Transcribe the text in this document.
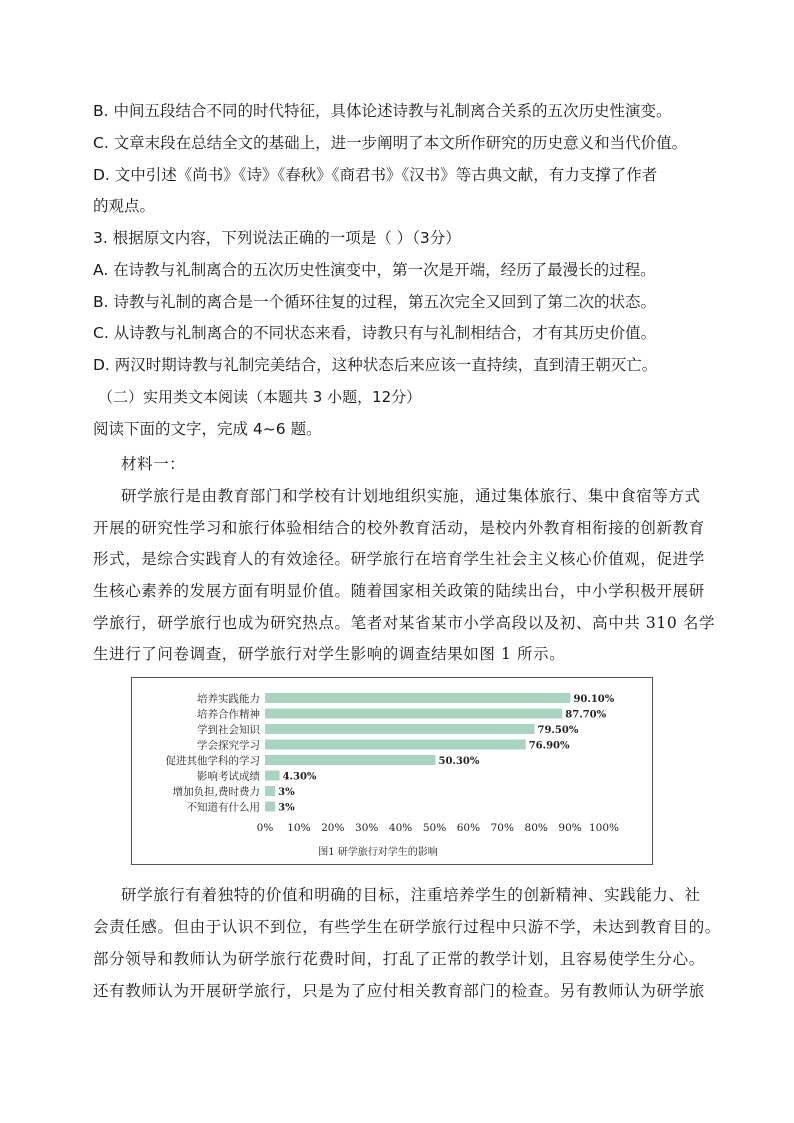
B. 中间五段结合不同的时代特征，具体论述诗教与礼制离合关系的五次历史性演变。
C. 文章末段在总结全文的基础上，进一步阐明了本文所作研究的历史意义和当代价值。
D. 文中引述《尚书》《诗》《春秋》《商君书》《汉书》等古典文献，有力支撑了作者
的观点。
3. 根据原文内容，下列说法正确的一项是（ ）（3分）
A. 在诗教与礼制离合的五次历史性演变中，第一次是开端，经历了最漫长的过程。
B. 诗教与礼制的离合是一个循环往复的过程，第五次完全又回到了第二次的状态。
C. 从诗教与礼制离合的不同状态来看，诗教只有与礼制相结合，才有其历史价值。
D. 两汉时期诗教与礼制完美结合，这种状态后来应该一直持续，直到清王朝灭亡。
（二）实用类文本阅读（本题共 3 小题，12分）
阅读下面的文字，完成 4~6 题。
材料一：
研学旅行是由教育部门和学校有计划地组织实施，通过集体旅行、集中食宿等方式
开展的研究性学习和旅行体验相结合的校外教育活动，是校内外教育相衔接的创新教育
形式，是综合实践育人的有效途径。研学旅行在培育学生社会主义核心价值观，促进学
生核心素养的发展方面有明显价值。随着国家相关政策的陆续出台，中小学积极开展研
学旅行，研学旅行也成为研究热点。笔者对某省某市小学高段以及初、高中共 310 名学
生进行了问卷调查，研学旅行对学生影响的调查结果如图 1 所示。
培养实践能力	90.10%
培养合作精神	87.70%
学到社会知识	79.50%
学会探究学习	76.90%
促进其他学科的学习	50.30%
影响考试成绩 4.30%
增加负担,费时费力 3%
不知道有什么用 3%
0% 10% 20% 30% 40% 50% 60% 70% 80% 90% 100%
图1 研学旅行对学生的影响
研学旅行有着独特的价值和明确的目标，注重培养学生的创新精神、实践能力、社
会责任感。但由于认识不到位，有些学生在研学旅行过程中只游不学，未达到教育目的。
部分领导和教师认为研学旅行花费时间，打乱了正常的教学计划，且容易使学生分心。
还有教师认为开展研学旅行，只是为了应付相关教育部门的检查。另有教师认为研学旅
